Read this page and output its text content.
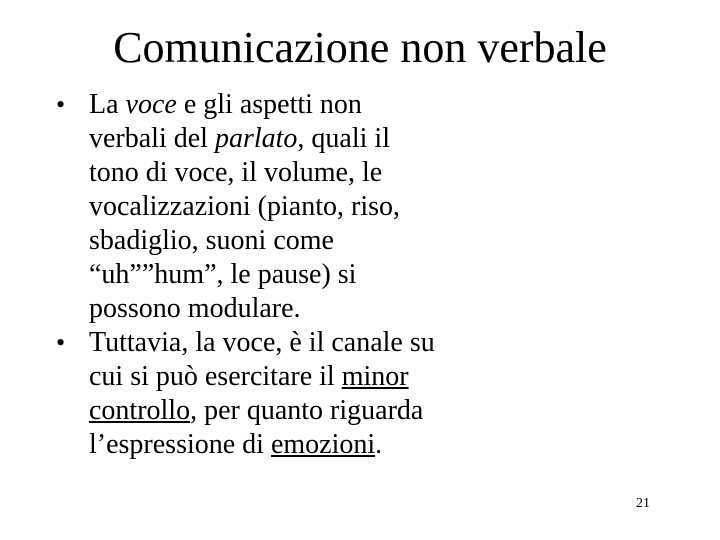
Comunicazione non verbale
• La voce e gli aspetti non
verbali del parlato, quali il
tono di voce, il volume, le
vocalizzazioni (pianto, riso,
sbadiglio, suoni come
“uh””hum”, le pause) si
possono modulare.
• Tuttavia, la voce, è il canale su
cui si può esercitare il minor
controllo, per quanto riguarda
l’espressione di emozioni.
21
